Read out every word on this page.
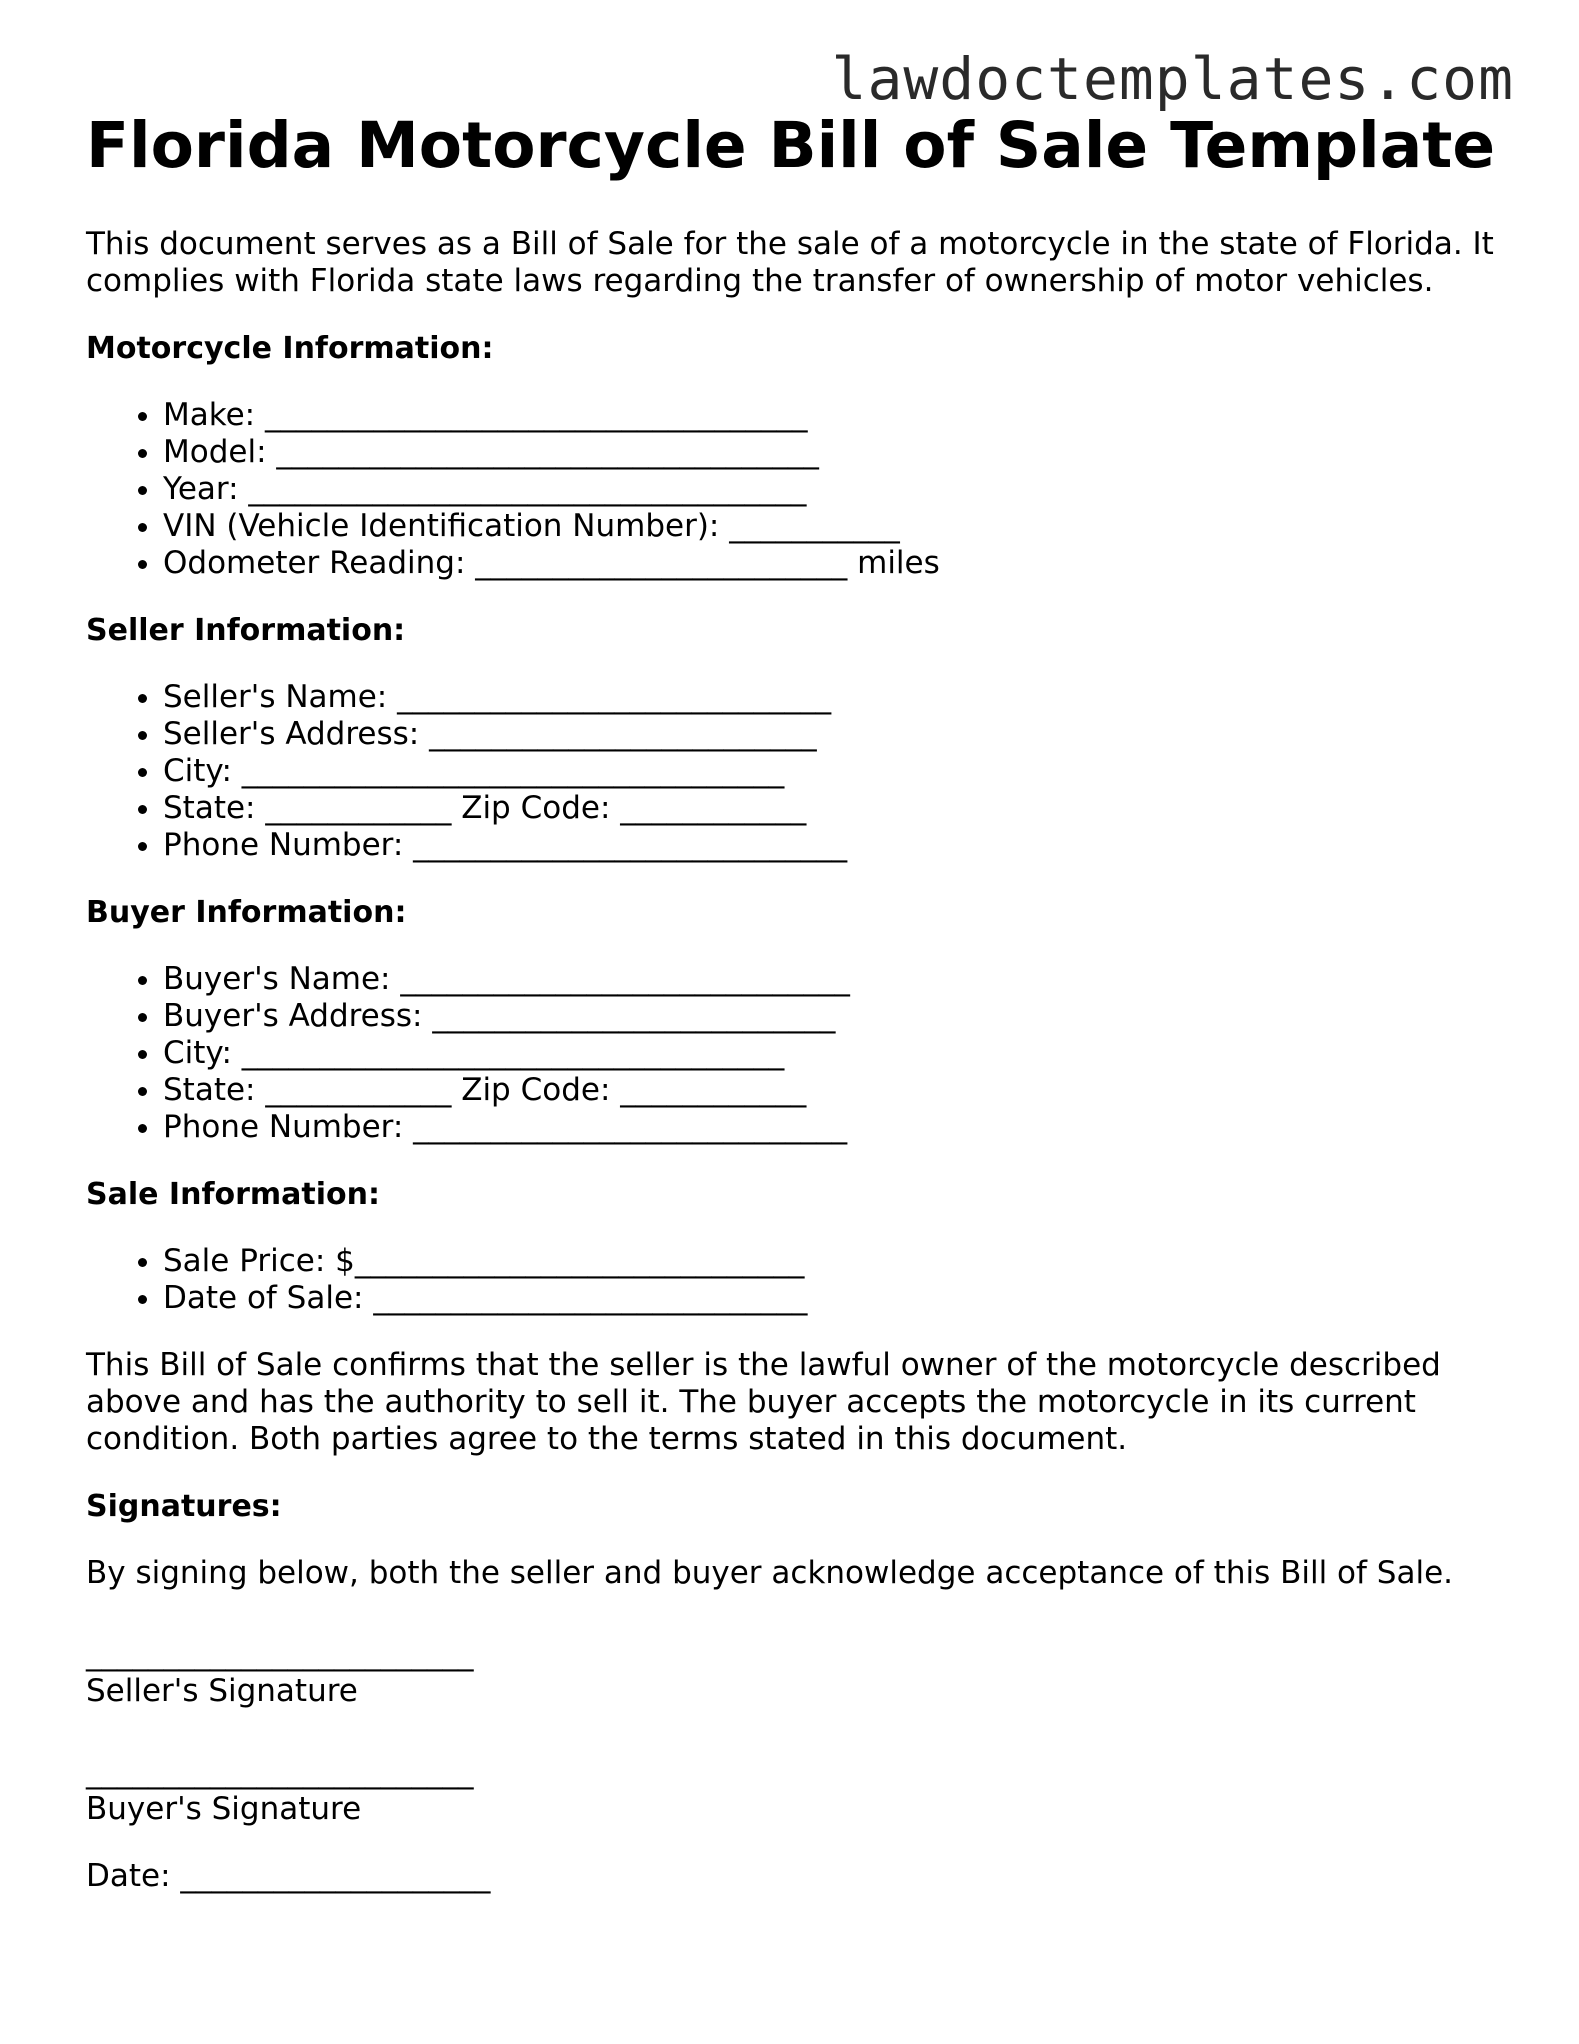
lawdoctemplates.com
Florida Motorcycle Bill of Sale Template

This document serves as a Bill of Sale for the sale of a motorcycle in the state of Florida. It complies with Florida state laws regarding the transfer of ownership of motor vehicles.

Motorcycle Information:
• Make: ___________________________________
• Model: ___________________________________
• Year: ____________________________________
• VIN (Vehicle Identification Number): ___________
• Odometer Reading: ________________________ miles
Seller Information:
• Seller's Name: ____________________________
• Seller's Address: _________________________
• City: ___________________________________
• State: ____________ Zip Code: ____________
• Phone Number: ____________________________
Buyer Information:
• Buyer's Name: _____________________________
• Buyer's Address: __________________________
• City: ___________________________________
• State: ____________ Zip Code: ____________
• Phone Number: ____________________________
Sale Information:
• Sale Price: $_____________________________
• Date of Sale: ____________________________

This Bill of Sale confirms that the seller is the lawful owner of the motorcycle described above and has the authority to sell it. The buyer accepts the motorcycle in its current condition. Both parties agree to the terms stated in this document.

Signatures:

By signing below, both the seller and buyer acknowledge acceptance of this Bill of Sale.

_________________________
Seller's Signature
_________________________
Buyer's Signature
Date: ____________________
